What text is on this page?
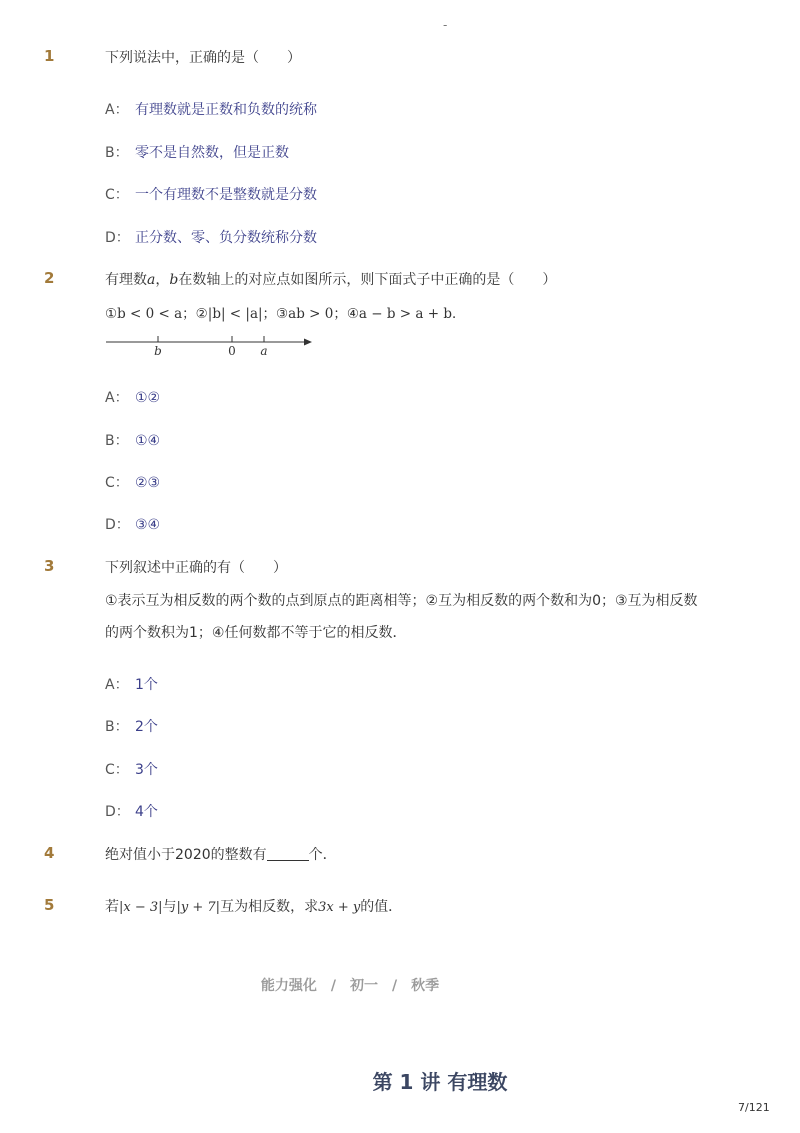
-
1	下列说法中，正确的是（　　）
A： 有理数就是正数和负数的统称
B： 零不是自然数，但是正数
C： 一个有理数不是整数就是分数
D： 正分数、零、负分数统称分数
2	有理数a，b在数轴上的对应点如图所示，则下面式子中正确的是（　　）
①b < 0 < a；②|b| < |a|；③ab > 0；④a − b > a + b．
b	0 a
A： ①②
B： ①④
C： ②③
D： ③④
3	下列叙述中正确的有（　　）
①表示互为相反数的两个数的点到原点的距离相等；②互为相反数的两个数和为0；③互为相反数
的两个数积为1；④任何数都不等于它的相反数．
A： 1个
B： 2个
C： 3个
D： 4个
4	绝对值小于2020的整数有	个．
5	若|x − 3|与|y + 7|互为相反数，求3x + y的值．
能力强化　/　初一　/　秋季
第 1 讲 有理数
7/121
